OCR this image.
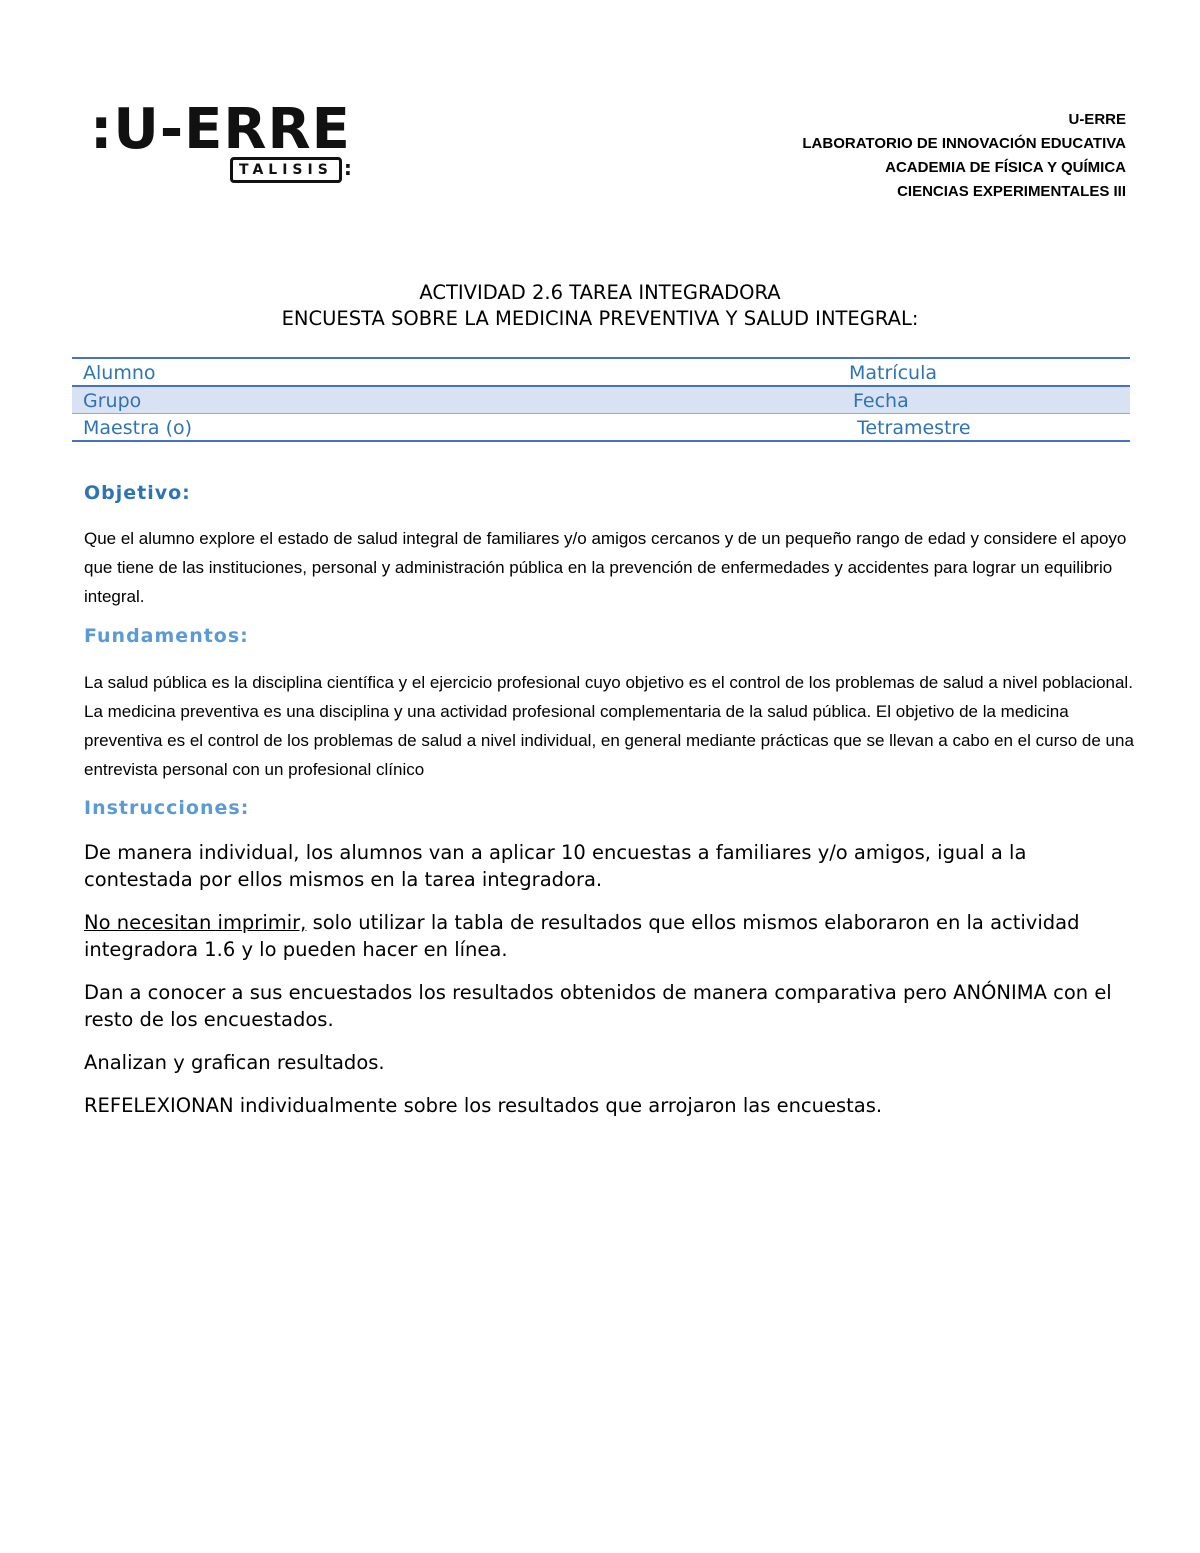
:U-ERRE
TALISIS :
U-ERRE
LABORATORIO DE INNOVACIÓN EDUCATIVA
ACADEMIA DE FÍSICA Y QUÍMICA
CIENCIAS EXPERIMENTALES III
ACTIVIDAD 2.6 TAREA INTEGRADORA
ENCUESTA SOBRE LA MEDICINA PREVENTIVA Y SALUD INTEGRAL:
Alumno	Matrícula
Grupo	Fecha
Maestra (o)	Tetramestre
Objetivo:
Que el alumno explore el estado de salud integral de familiares y/o amigos cercanos y de un pequeño rango de edad y considere el apoyo que tiene de las instituciones, personal y administración pública en la prevención de enfermedades y accidentes para lograr un equilibrio integral.
Fundamentos:
La salud pública es la disciplina científica y el ejercicio profesional cuyo objetivo es el control de los problemas de salud a nivel poblacional. La medicina preventiva es una disciplina y una actividad profesional complementaria de la salud pública. El objetivo de la medicina preventiva es el control de los problemas de salud a nivel individual, en general mediante prácticas que se llevan a cabo en el curso de una entrevista personal con un profesional clínico
Instrucciones:
De manera individual, los alumnos van a aplicar 10 encuestas a familiares y/o amigos, igual a la contestada por ellos mismos en la tarea integradora.
No necesitan imprimir, solo utilizar la tabla de resultados que ellos mismos elaboraron en la actividad integradora 1.6 y lo pueden hacer en línea.
Dan a conocer a sus encuestados los resultados obtenidos de manera comparativa pero ANÓNIMA con el resto de los encuestados.
Analizan y grafican resultados.
REFELEXIONAN individualmente sobre los resultados que arrojaron las encuestas.
